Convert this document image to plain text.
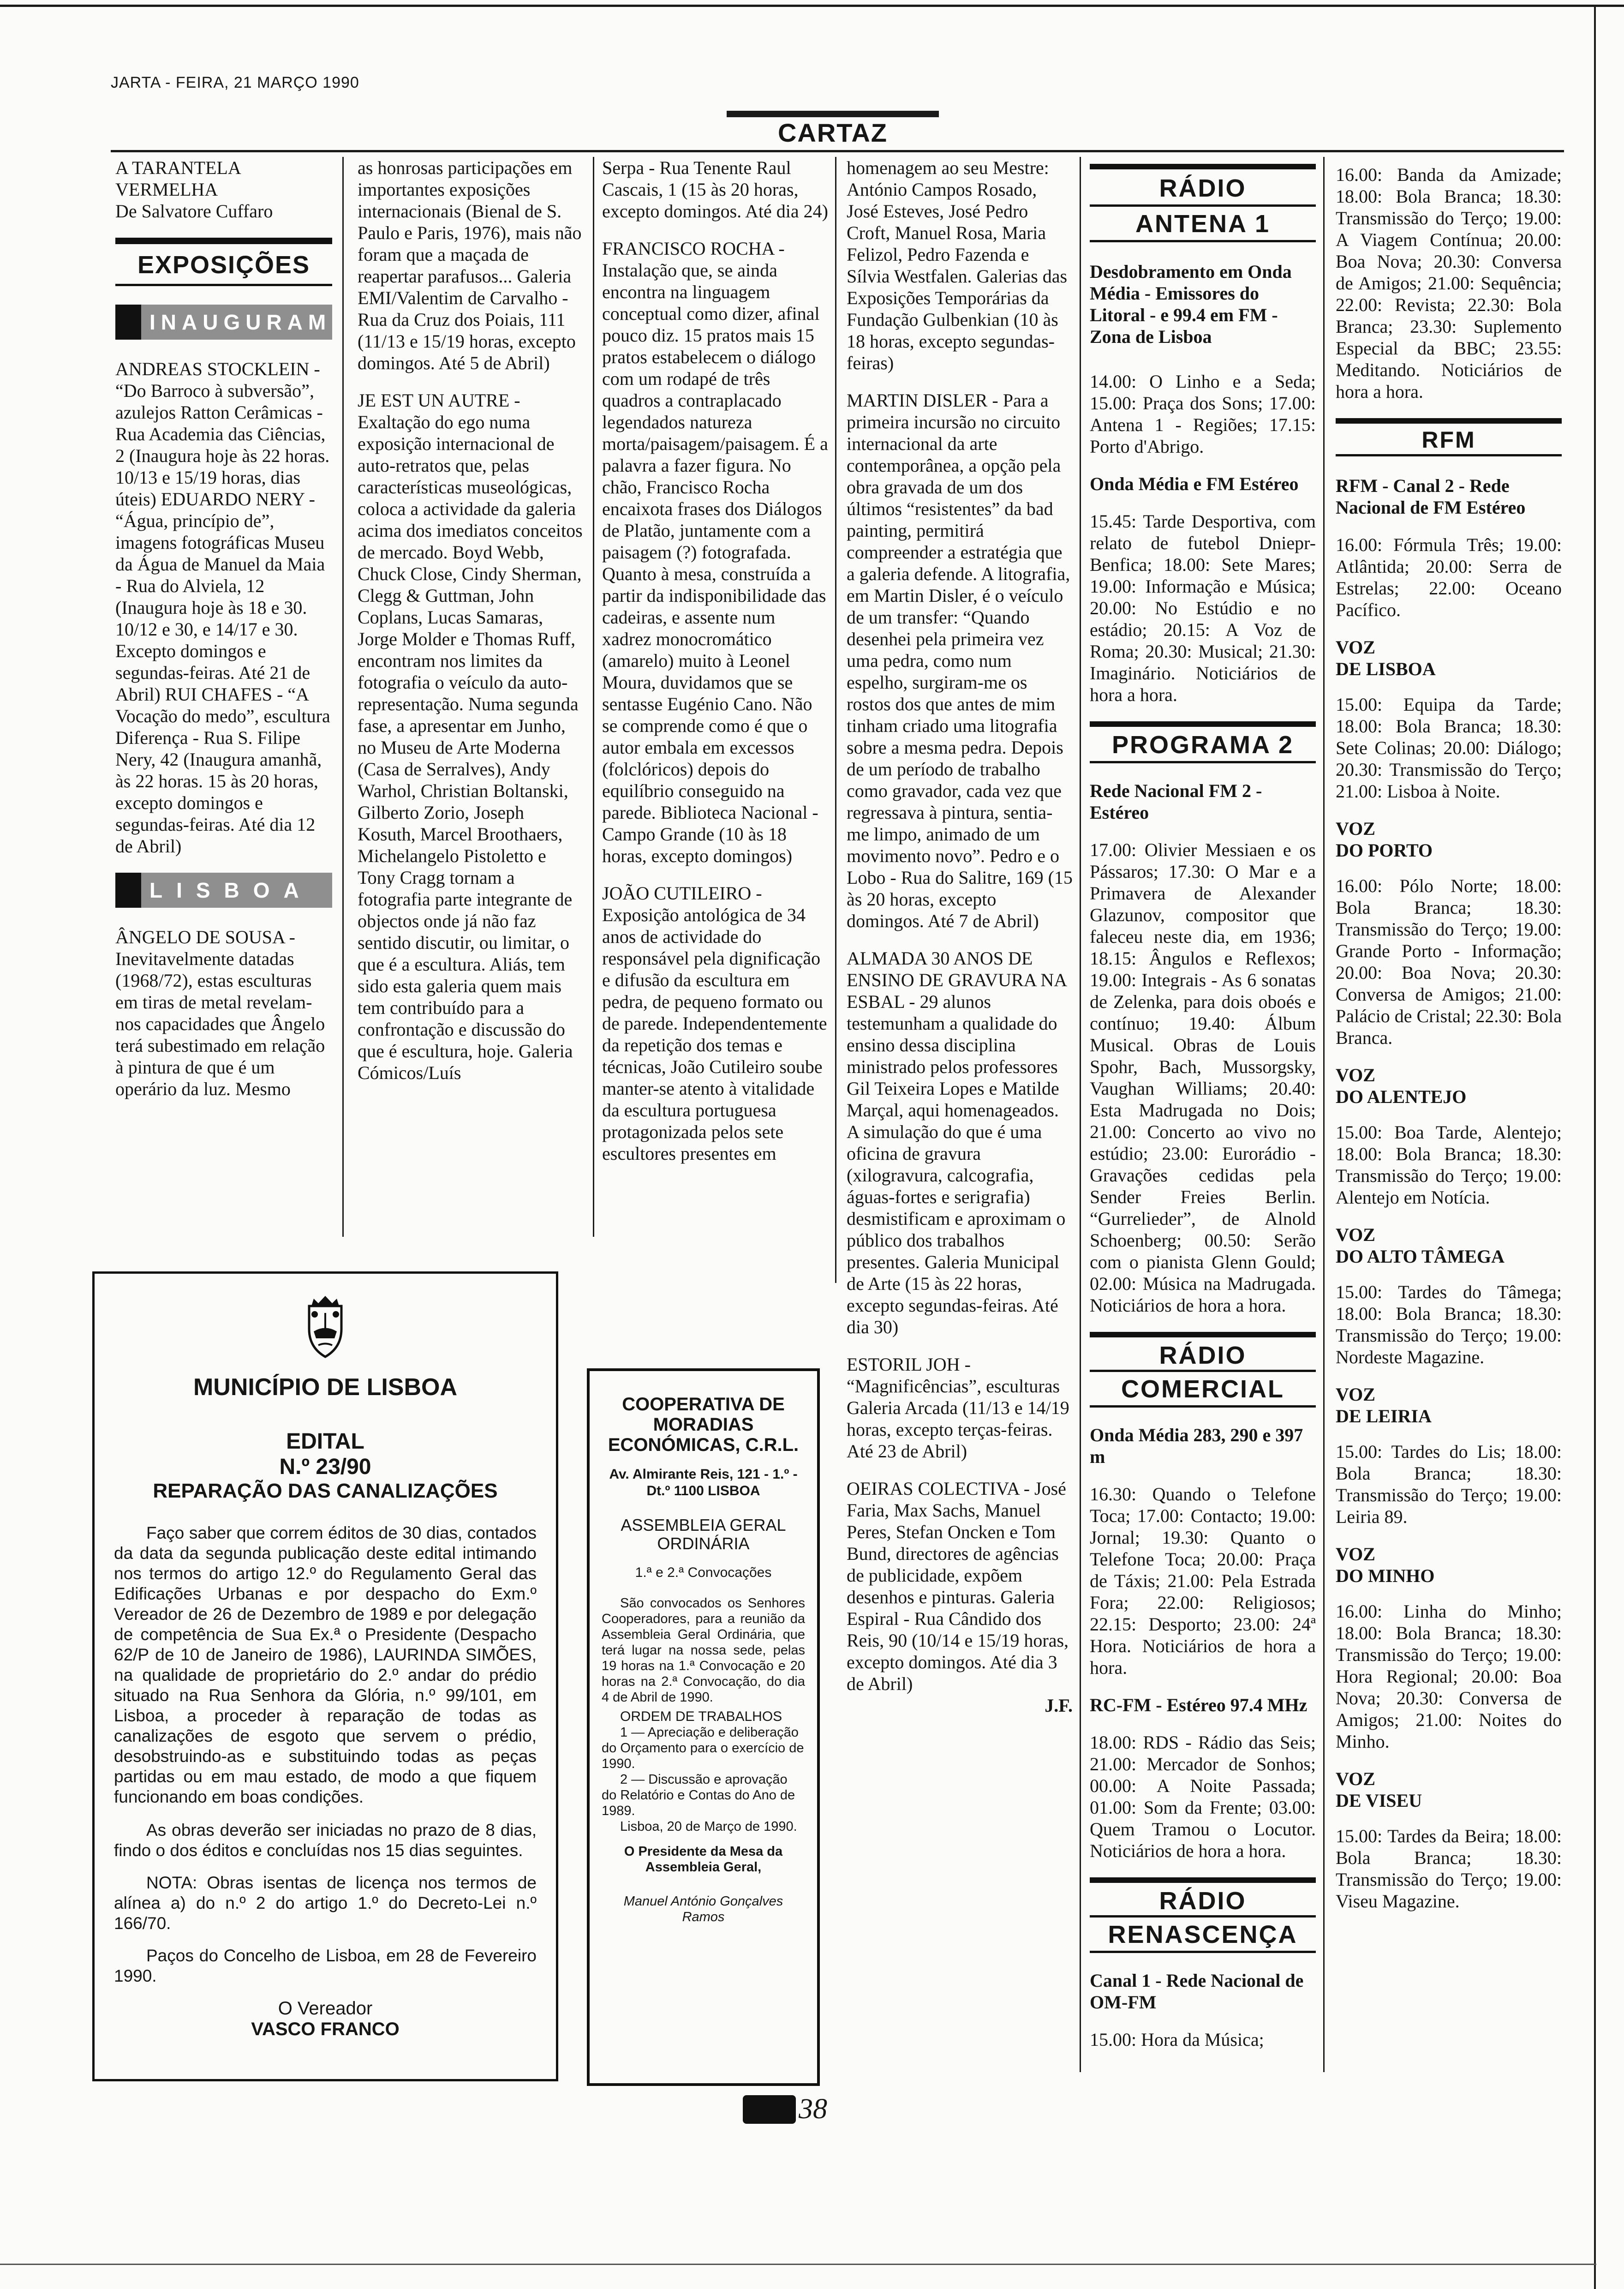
JARTA - FEIRA, 21 MARÇO 1990
CARTAZ
A TARANTELA VERMELHA
De Salvatore Cuffaro
EXPOSIÇÕES
INAUGURAM

ANDREAS STOCKLEIN - “Do Barroco à subversão”, azulejos Ratton Cerâmicas - Rua Academia das Ciências, 2 (Inaugura hoje às 22 horas. 10/13 e 15/19 horas, dias úteis) EDUARDO NERY - “Água, princípio de”, imagens fotográficas Museu da Água de Manuel da Maia - Rua do Alviela, 12 (Inaugura hoje às 18 e 30. 10/12 e 30, e 14/17 e 30. Excepto domingos e segundas-feiras. Até 21 de Abril) RUI CHAFES - “A Vocação do medo”, escultura Diferença - Rua S. Filipe Nery, 42 (Inaugura amanhã, às 22 horas. 15 às 20 horas, excepto domingos e segundas-feiras. Até dia 12 de Abril)

LISBOA

ÂNGELO DE SOUSA - Inevitavelmente datadas (1968/72), estas esculturas em tiras de metal revelam-nos capacidades que Ângelo terá subestimado em relação à pintura de que é um operário da luz. Mesmo

as honrosas participações em importantes exposições internacionais (Bienal de S. Paulo e Paris, 1976), mais não foram que a maçada de reapertar parafusos... Galeria EMI/Valentim de Carvalho - Rua da Cruz dos Poiais, 111 (11/13 e 15/19 horas, excepto domingos. Até 5 de Abril)

JE EST UN AUTRE - Exaltação do ego numa exposição internacional de auto-retratos que, pelas características museológicas, coloca a actividade da galeria acima dos imediatos conceitos de mercado. Boyd Webb, Chuck Close, Cindy Sherman, Clegg & Guttman, John Coplans, Lucas Samaras, Jorge Molder e Thomas Ruff, encontram nos limites da fotografia o veículo da auto-representação. Numa segunda fase, a apresentar em Junho, no Museu de Arte Moderna (Casa de Serralves), Andy Warhol, Christian Boltanski, Gilberto Zorio, Joseph Kosuth, Marcel Broothaers, Michelangelo Pistoletto e Tony Cragg tornam a fotografia parte integrante de objectos onde já não faz sentido discutir, ou limitar, o que é a escultura. Aliás, tem sido esta galeria quem mais tem contribuído para a confrontação e discussão do que é escultura, hoje. Galeria Cómicos/Luís

Serpa - Rua Tenente Raul Cascais, 1 (15 às 20 horas, excepto domingos. Até dia 24)

FRANCISCO ROCHA - Instalação que, se ainda encontra na linguagem conceptual como dizer, afinal pouco diz. 15 pratos mais 15 pratos estabelecem o diálogo com um rodapé de três quadros a contraplacado legendados natureza morta/paisagem/paisagem. É a palavra a fazer figura. No chão, Francisco Rocha encaixota frases dos Diálogos de Platão, juntamente com a paisagem (?) fotografada. Quanto à mesa, construída a partir da indisponibilidade das cadeiras, e assente num xadrez monocromático (amarelo) muito à Leonel Moura, duvidamos que se sentasse Eugénio Cano. Não se comprende como é que o autor embala em excessos (folclóricos) depois do equilíbrio conseguido na parede. Biblioteca Nacional - Campo Grande (10 às 18 horas, excepto domingos)

JOÃO CUTILEIRO - Exposição antológica de 34 anos de actividade do responsável pela dignificação e difusão da escultura em pedra, de pequeno formato ou de parede. Independentemente da repetição dos temas e técnicas, João Cutileiro soube manter-se atento à vitalidade da escultura portuguesa protagonizada pelos sete escultores presentes em

homenagem ao seu Mestre: António Campos Rosado, José Esteves, José Pedro Croft, Manuel Rosa, Maria Felizol, Pedro Fazenda e Sílvia Westfalen. Galerias das Exposições Temporárias da Fundação Gulbenkian (10 às 18 horas, excepto segundas-feiras)

MARTIN DISLER - Para a primeira incursão no circuito internacional da arte contemporânea, a opção pela obra gravada de um dos últimos “resistentes” da bad painting, permitirá compreender a estratégia que a galeria defende. A litografia, em Martin Disler, é o veículo de um transfer: “Quando desenhei pela primeira vez uma pedra, como num espelho, surgiram-me os rostos dos que antes de mim tinham criado uma litografia sobre a mesma pedra. Depois de um período de trabalho como gravador, cada vez que regressava à pintura, sentia-me limpo, animado de um movimento novo”. Pedro e o Lobo - Rua do Salitre, 169 (15 às 20 horas, excepto domingos. Até 7 de Abril)

ALMADA 30 ANOS DE ENSINO DE GRAVURA NA ESBAL - 29 alunos testemunham a qualidade do ensino dessa disciplina ministrado pelos professores Gil Teixeira Lopes e Matilde Marçal, aqui homenageados. A simulação do que é uma oficina de gravura (xilogravura, calcografia, águas-fortes e serigrafia) desmistificam e aproximam o público dos trabalhos presentes. Galeria Municipal de Arte (15 às 22 horas, excepto segundas-feiras. Até dia 30)

ESTORIL JOH - “Magnificências”, esculturas Galeria Arcada (11/13 e 14/19 horas, excepto terças-feiras. Até 23 de Abril)

OEIRAS COLECTIVA - José Faria, Max Sachs, Manuel Peres, Stefan Oncken e Tom Bund, directores de agências de publicidade, expõem desenhos e pinturas. Galeria Espiral - Rua Cândido dos Reis, 90 (10/14 e 15/19 horas, excepto domingos. Até dia 3 de Abril)

J.F.
RÁDIO
ANTENA 1
Desdobramento em Onda Média - Emissores do Litoral - e 99.4 em FM - Zona de Lisboa

14.00: O Linho e a Seda; 15.00: Praça dos Sons; 17.00: Antena 1 - Regiões; 17.15: Porto d'Abrigo.

Onda Média e FM Estéreo

15.45: Tarde Desportiva, com relato de futebol Dniepr-Benfica; 18.00: Sete Mares; 19.00: Informação e Música; 20.00: No Estúdio e no estádio; 20.15: A Voz de Roma; 20.30: Musical; 21.30: Imaginário. Noticiários de hora a hora.

PROGRAMA 2
Rede Nacional FM 2 - Estéreo

17.00: Olivier Messiaen e os Pássaros; 17.30: O Mar e a Primavera de Alexander Glazunov, compositor que faleceu neste dia, em 1936; 18.15: Ângulos e Reflexos; 19.00: Integrais - As 6 sonatas de Zelenka, para dois oboés e contínuo; 19.40: Álbum Musical. Obras de Louis Spohr, Bach, Mussorgsky, Vaughan Williams; 20.40: Esta Madrugada no Dois; 21.00: Concerto ao vivo no estúdio; 23.00: Eurorádio - Gravações cedidas pela Sender Freies Berlin. “Gurrelieder”, de Alnold Schoenberg; 00.50: Serão com o pianista Glenn Gould; 02.00: Música na Madrugada. Noticiários de hora a hora.

RÁDIO
COMERCIAL
Onda Média 283, 290 e 397 m

16.30: Quando o Telefone Toca; 17.00: Contacto; 19.00: Jornal; 19.30: Quanto o Telefone Toca; 20.00: Praça de Táxis; 21.00: Pela Estrada Fora; 22.00: Religiosos; 22.15: Desporto; 23.00: 24ª Hora. Noticiários de hora a hora.

RC-FM - Estéreo 97.4 MHz

18.00: RDS - Rádio das Seis; 21.00: Mercador de Sonhos; 00.00: A Noite Passada; 01.00: Som da Frente; 03.00: Quem Tramou o Locutor. Noticiários de hora a hora.

RÁDIO
RENASCENÇA
Canal 1 - Rede Nacional de OM-FM

15.00: Hora da Música;

16.00: Banda da Amizade; 18.00: Bola Branca; 18.30: Transmissão do Terço; 19.00: A Viagem Contínua; 20.00: Boa Nova; 20.30: Conversa de Amigos; 21.00: Sequência; 22.00: Revista; 22.30: Bola Branca; 23.30: Suplemento Especial da BBC; 23.55: Meditando. Noticiários de hora a hora.

RFM
RFM - Canal 2 - Rede Nacional de FM Estéreo

16.00: Fórmula Três; 19.00: Atlântida; 20.00: Serra de Estrelas; 22.00: Oceano Pacífico.

VOZ
DE LISBOA

15.00: Equipa da Tarde; 18.00: Bola Branca; 18.30: Sete Colinas; 20.00: Diálogo; 20.30: Transmissão do Terço; 21.00: Lisboa à Noite.

VOZ
DO PORTO

16.00: Pólo Norte; 18.00: Bola Branca; 18.30: Transmissão do Terço; 19.00: Grande Porto - Informação; 20.00: Boa Nova; 20.30: Conversa de Amigos; 21.00: Palácio de Cristal; 22.30: Bola Branca.

VOZ
DO ALENTEJO

15.00: Boa Tarde, Alentejo; 18.00: Bola Branca; 18.30: Transmissão do Terço; 19.00: Alentejo em Notícia.

VOZ
DO ALTO TÂMEGA

15.00: Tardes do Tâmega; 18.00: Bola Branca; 18.30: Transmissão do Terço; 19.00: Nordeste Magazine.

VOZ
DE LEIRIA

15.00: Tardes do Lis; 18.00: Bola Branca; 18.30: Transmissão do Terço; 19.00: Leiria 89.

VOZ
DO MINHO

16.00: Linha do Minho; 18.00: Bola Branca; 18.30: Transmissão do Terço; 19.00: Hora Regional; 20.00: Boa Nova; 20.30: Conversa de Amigos; 21.00: Noites do Minho.

VOZ
DE VISEU

15.00: Tardes da Beira; 18.00: Bola Branca; 18.30: Transmissão do Terço; 19.00: Viseu Magazine.

MUNICÍPIO DE LISBOA
EDITAL
N.º 23/90
REPARAÇÃO DAS CANALIZAÇÕES

Faço saber que correm éditos de 30 dias, contados da data da segunda publicação deste edital intimando nos termos do artigo 12.º do Regulamento Geral das Edificações Urbanas e por despacho do Exm.º Vereador de 26 de Dezembro de 1989 e por delegação de competência de Sua Ex.ª o Presidente (Despacho 62/P de 10 de Janeiro de 1986), LAURINDA SIMÕES, na qualidade de proprietário do 2.º andar do prédio situado na Rua Senhora da Glória, n.º 99/101, em Lisboa, a proceder à reparação de todas as canalizações de esgoto que servem o prédio, desobstruindo-as e substituindo todas as peças partidas ou em mau estado, de modo a que fiquem funcionando em boas condições.

As obras deverão ser iniciadas no prazo de 8 dias, findo o dos éditos e concluídas nos 15 dias seguintes.

NOTA: Obras isentas de licença nos termos de alínea a) do n.º 2 do artigo 1.º do Decreto-Lei n.º 166/70.

Paços do Concelho de Lisboa, em 28 de Fevereiro 1990.

O Vereador
VASCO FRANCO
COOPERATIVA DE MORADIAS ECONÓMICAS, C.R.L.
Av. Almirante Reis, 121 - 1.º - Dt.º 1100 LISBOA
ASSEMBLEIA GERAL ORDINÁRIA
1.ª e 2.ª Convocações

São convocados os Senhores Cooperadores, para a reunião da Assembleia Geral Ordinária, que terá lugar na nossa sede, pelas 19 horas na 1.ª Convocação e 20 horas na 2.ª Convocação, do dia 4 de Abril de 1990.

ORDEM DE TRABALHOS

1 — Apreciação e deliberação do Orçamento para o exercício de 1990.

2 — Discussão e aprovação do Relatório e Contas do Ano de 1989.

Lisboa, 20 de Março de 1990.

O Presidente da Mesa da Assembleia Geral,
Manuel António Gonçalves Ramos
38
